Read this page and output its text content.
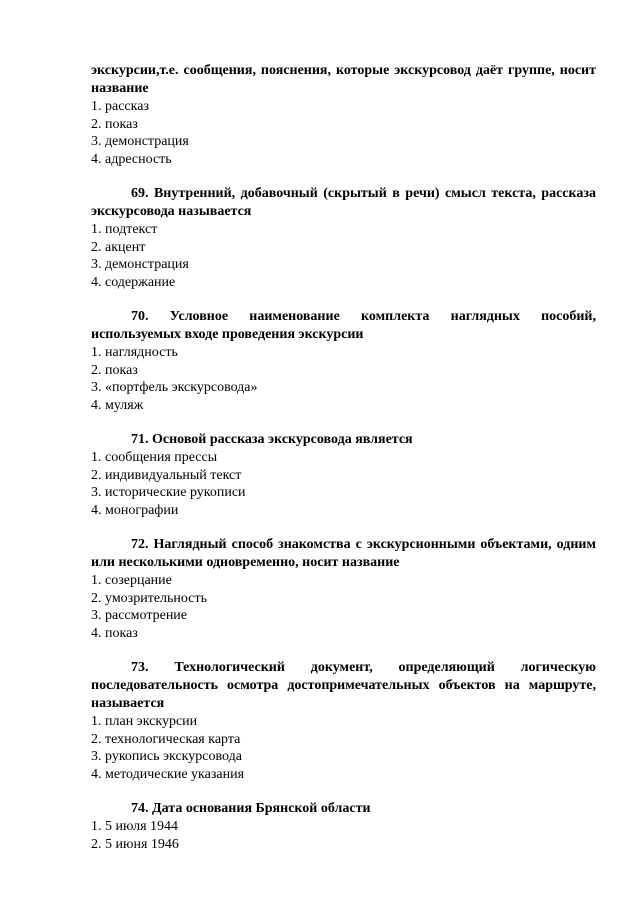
экскурсии,т.е. сообщения, пояснения, которые экскурсовод даёт группе, носит название

1. рассказ
2. показ
3. демонстрация
4. адресность

69. Внутренний, добавочный (скрытый в речи) смысл текста, рассказа экскурсовода называется

1. подтекст
2. акцент
3. демонстрация
4. содержание

70. Условное наименование комплекта наглядных пособий, используемых входе проведения экскурсии

1. наглядность
2. показ
3. «портфель экскурсовода»
4. муляж

71. Основой рассказа экскурсовода является

1. сообщения прессы
2. индивидуальный текст
3. исторические рукописи
4. монографии

72. Наглядный способ знакомства с экскурсионными объектами, одним или несколькими одновременно, носит название

1. созерцание
2. умозрительность
3. рассмотрение
4. показ

73. Технологический документ, определяющий логическую последовательность осмотра достопримечательных объектов на маршруте, называется

1. план экскурсии
2. технологическая карта
3. рукопись экскурсовода
4. методические указания

74. Дата основания Брянской области

1. 5 июля 1944
2. 5 июня 1946
